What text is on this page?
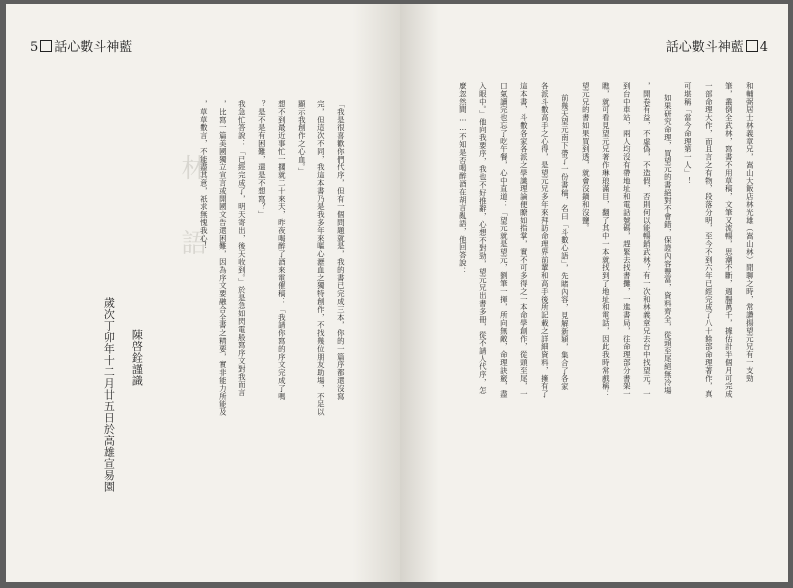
5 話心數斗神藍
林
語	「我是很喜歡你們代序，但有一個問題就是，我的書已完成三本，你的一篇序都還沒寫
完，但這次不同，我這本書乃是我多年來嘔心瀝血之獨特創作，不找幾位朋友助場，不足以
顯示我創作之心血。」
想不到最近事忙一擱就二十來天，昨夜喝醉了酒來電催稿：「我請你寫的序文完成了嗎
？是不是有困難，還是不想寫？」
我急忙答說：「已經完成了，明天寄出，後天收到。」於是急如閃電般寫序文對我而言
，比寫一篇美國獨立宣言或開國文告還困難，因為序文要融合全書之精要，實非能力所能及
，草草數言，不能盡其意，祇求無愧我心！
陳啓銓謹識
歲次丁卯年十二月廿五日於高雄宣易園
話心數斗神藍 4
和輔弼居士林義章兄，嵩山大飯店林光雄（嵩山林）閒聊之時，常讚揚望元兄有一支勁
筆，叢倒全武林，寫書不用草稿，文筆又流暢，思潮不斷，週腸萬千，據估計半個月可完成
一部命理大作，而且言之有物，段落分明，至今不到六年已經完成了八十餘部命理著作，真
可堪稱「當今命理第一人」！
如果研究命理，買望元的書絕對不會錯，保證內容豐富，資料齊全，從頭至尾絕無冷場
，開卷有益，不虛偽，不造假，否則何以能暢銷武林？有一次和林義章兄去台中找望元，一
到台中車站，兩人均沒有帶地址和電話號碼，趕緊去找書攤，一進書局，往命理部分書架一
瞧，就可看見望元兄著作琳琅滿目，翻了其中一本就找到了地址和電話，因此我時常戲稱：
望元兄的書如果買到透，就會沒鍋和沒鹽。
前幾天望元南下帶了一份書稿，名曰「斗數心語」，先睹內容，見解新穎，集合了各家
各派斗數高手之心得，是望元兄多年來拜訪命理界前輩和高手後所記載之詳細資料，擁有了
這本書，斗數各家各派之學識理論便瞭如指掌，實不可多得之一本命學創作，從頭至尾，一
口氣讀完也忘了吃午餐，心中直道：「望元就是望元，劉筆一揮，所向無敵，命理訣竅，盡
入眼中。」他向我要序，我也不好推辭，心想不對勁，望元兄出書多冊，從不請人代序，怎
麼忽然間……不知是否喝醉酒在胡言亂語，他回答說：
